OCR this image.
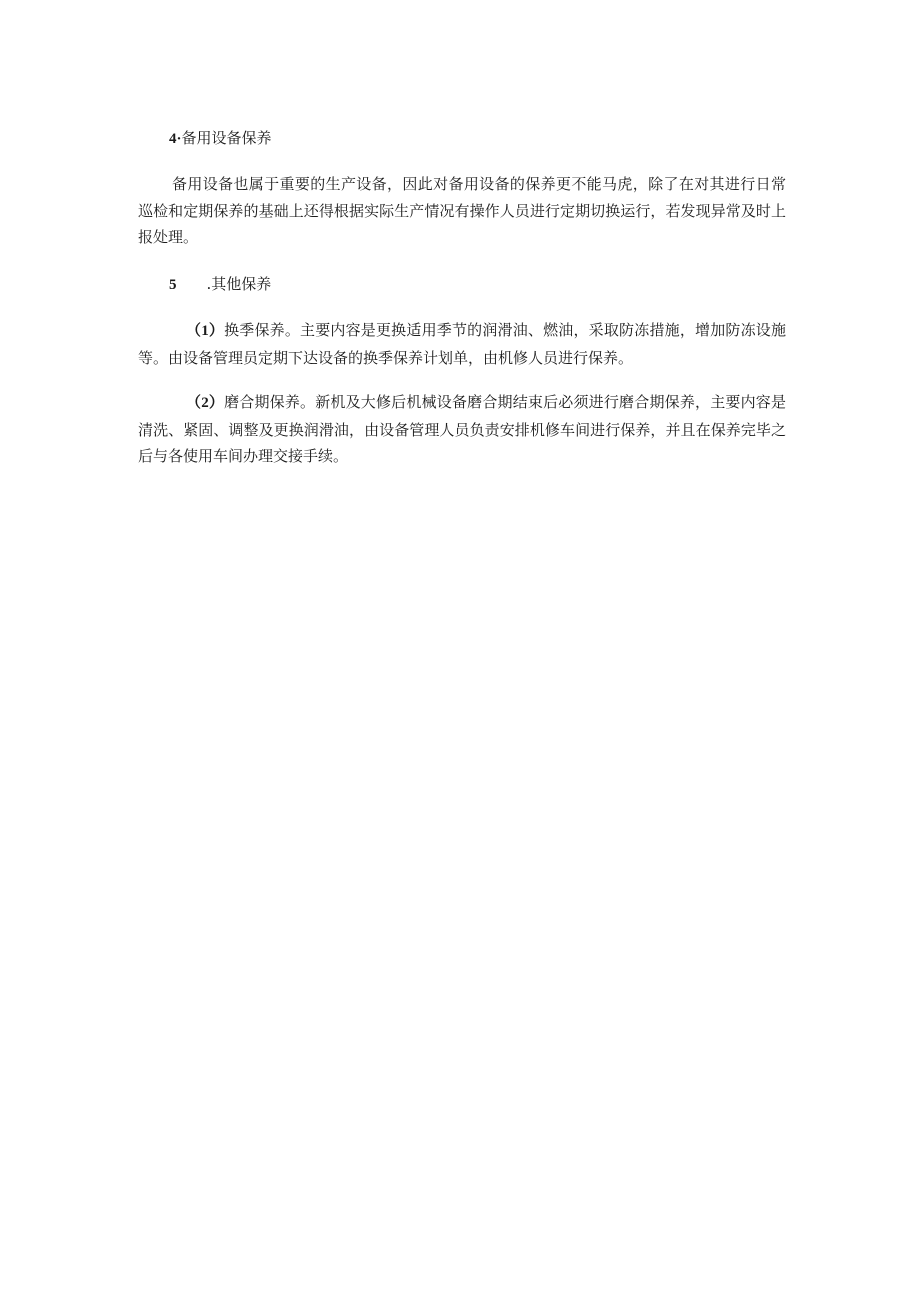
4·备用设备保养

备用设备也属于重要的生产设备，因此对备用设备的保养更不能马虎，除了在对其进行日常巡检和定期保养的基础上还得根据实际生产情况有操作人员进行定期切换运行，若发现异常及时上报处理。

5 .其他保养

（1）换季保养。主要内容是更换适用季节的润滑油、燃油，采取防冻措施，增加防冻设施等。由设备管理员定期下达设备的换季保养计划单，由机修人员进行保养。

（2）磨合期保养。新机及大修后机械设备磨合期结束后必须进行磨合期保养，主要内容是清洗、紧固、调整及更换润滑油，由设备管理人员负责安排机修车间进行保养，并且在保养完毕之后与各使用车间办理交接手续。
